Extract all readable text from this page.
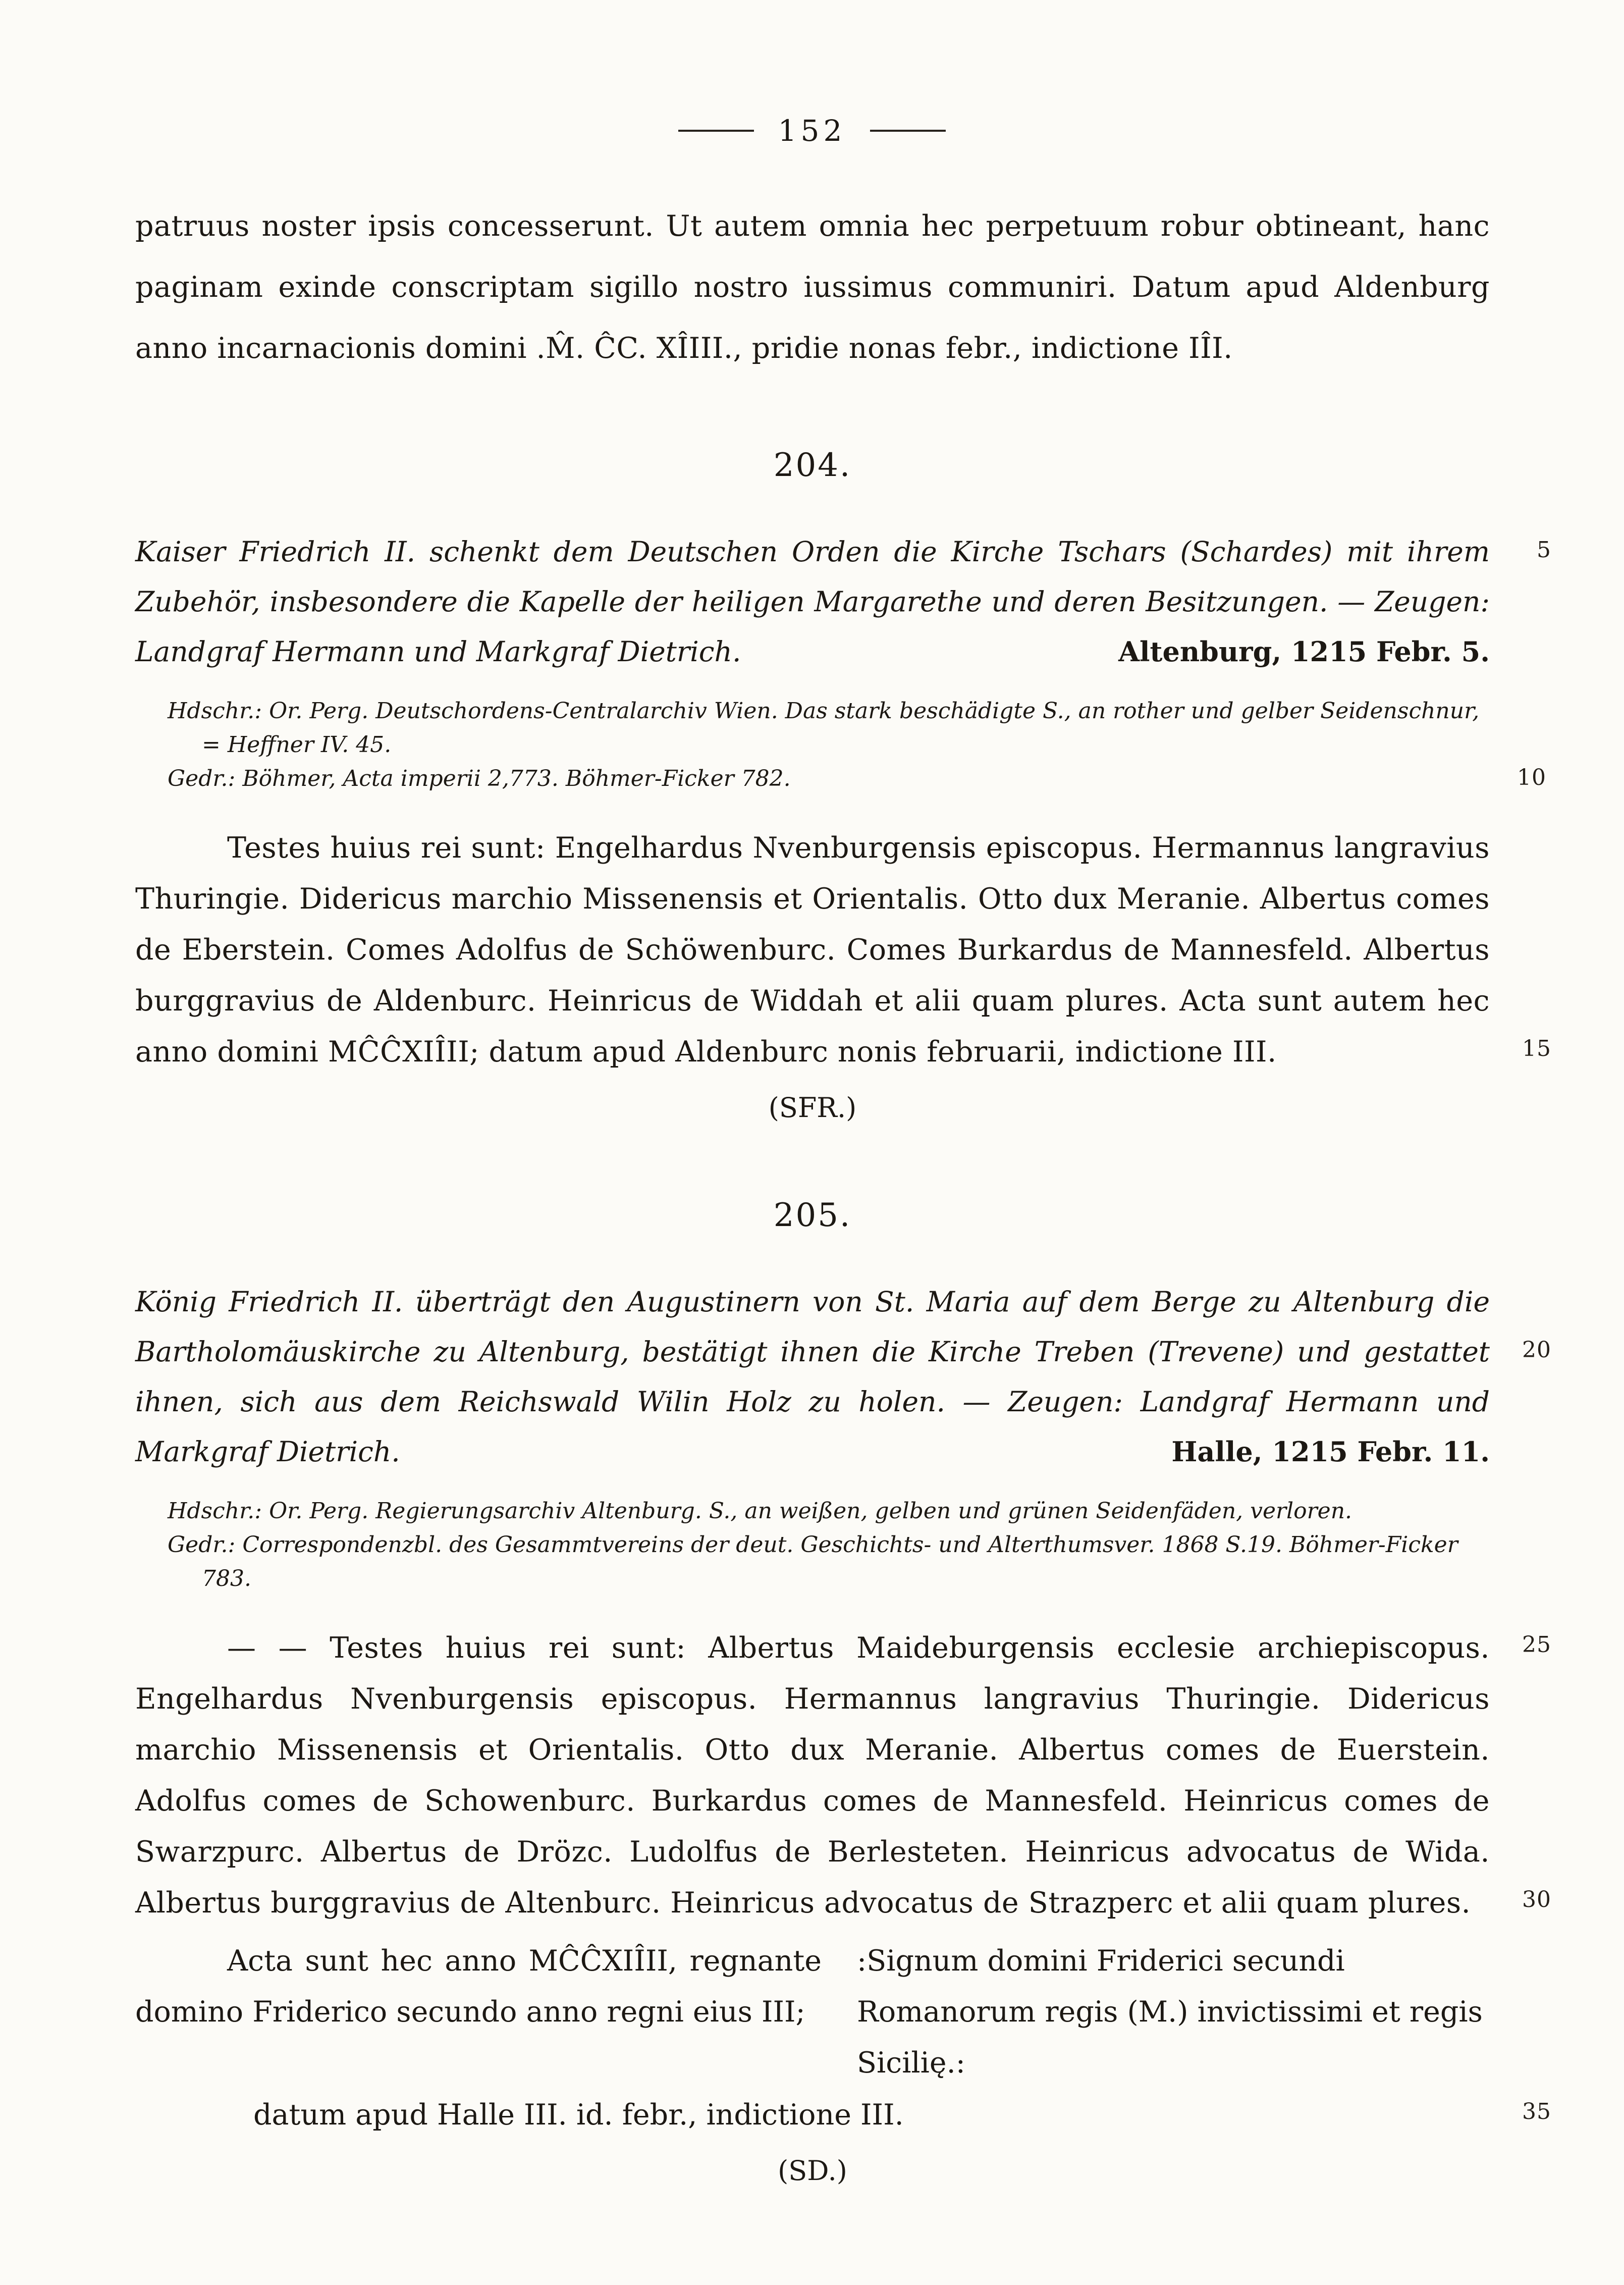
152

patruus noster ipsis concesserunt. Ut autem omnia hec perpetuum robur obtineant, hanc paginam exinde conscriptam sigillo nostro iussimus communiri. Datum apud Aldenburg anno incarnacionis domini .M̂. ĈC. XÎIII., pridie nonas febr., indictione IÎI.

204.

Kaiser Friedrich II. schenkt dem Deutschen Orden die Kirche Tschars (Schardes) mit ihrem Zubehör, insbesondere die Kapelle der heiligen Margarethe und deren Besitzungen. — Zeugen: Landgraf Hermann und Markgraf Dietrich.
5

Altenburg, 1215 Febr. 5.

Hdschr.: Or. Perg. Deutschordens-Centralarchiv Wien. Das stark beschädigte S., an rother und gelber Seidenschnur, = Heffner IV. 45.

Gedr.: Böhmer, Acta imperii 2,773. Böhmer-Ficker 782.	10

Testes huius rei sunt: Engelhardus Nvenburgensis episcopus. Hermannus langravius Thuringie. Didericus marchio Missenensis et Orientalis. Otto dux Meranie. Albertus comes de Eberstein. Comes Adolfus de Schöwenburc. Comes Burkardus de Mannesfeld. Albertus burggravius de Aldenburc. Heinricus de Widdah et alii quam plures. Acta sunt autem hec anno domini MĈĈXIÎII; datum apud Aldenburc nonis februarii, indictione III.	15

(SFR.)

205.

König Friedrich II. überträgt den Augustinern von St. Maria auf dem Berge zu Altenburg die Bartholomäuskirche zu Altenburg, bestätigt ihnen die Kirche Treben (Trevene) und gestattet ihnen, sich aus dem Reichswald Wilin Holz zu holen. — Zeugen: Landgraf Hermann und Markgraf Dietrich.
20

Halle, 1215 Febr. 11.

Hdschr.: Or. Perg. Regierungsarchiv Altenburg. S., an weißen, gelben und grünen Seidenfäden, verloren.

Gedr.: Correspondenzbl. des Gesammtvereins der deut. Geschichts- und Alterthumsver. 1868 S.19. Böhmer-Ficker 783.

— — Testes huius rei sunt: Albertus Maideburgensis ecclesie archiepiscopus. Engelhardus Nvenburgensis episcopus. Hermannus langravius Thuringie. Didericus marchio Missenensis et Orientalis. Otto dux Meranie. Albertus comes de Euerstein. Adolfus comes de Schowenburc. Burkardus comes de Mannesfeld. Heinricus comes de Swarzpurc. Albertus de Drözc. Ludolfus de Berlesteten. Heinricus advocatus de Wida. Albertus burggravius de Altenburc. Heinricus advocatus de Strazperc et alii quam plures.
25
30

Acta sunt hec anno MĈĈXIÎII, regnante domino Friderico secundo anno regni eius III;

:Signum domini Friderici secundi Romanorum regis (M.) invictissimi et regis Sicilię.:

datum apud Halle III. id. febr., indictione III.	35

(SD.)
